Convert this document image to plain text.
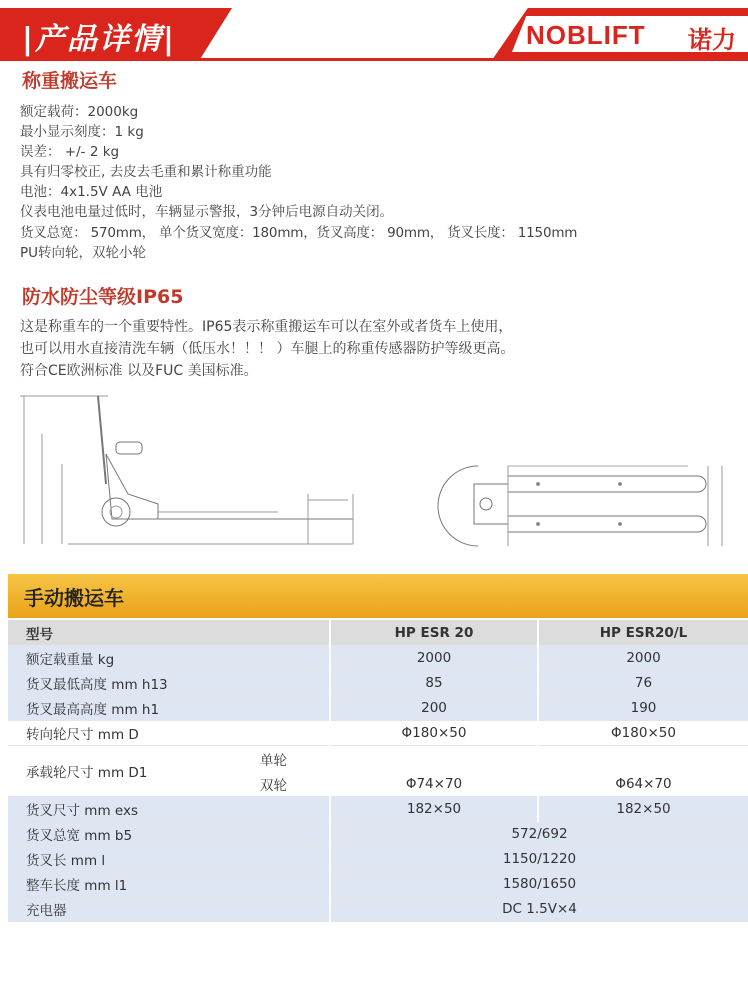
|产品详情|	NOBLIFT 诺力
称重搬运车
额定载荷：2000kg
最小显示刻度：1 kg
误差： +/- 2 kg
具有归零校正, 去皮去毛重和累计称重功能
电池：4x1.5V AA 电池
仪表电池电量过低时，车辆显示警报，3分钟后电源自动关闭。
货叉总宽： 570mm， 单个货叉宽度：180mm，货叉高度： 90mm， 货叉长度： 1150mm
PU转向轮，双轮小轮
防水防尘等级IP65
这是称重车的一个重要特性。IP65表示称重搬运车可以在室外或者货车上使用，
也可以用水直接清洗车辆（低压水！！！ ）车腿上的称重传感器防护等级更高。
符合CE欧洲标准 以及FUC 美国标准。
手动搬运车
型号	HP ESR 20	HP ESR20/L
额定载重量 kg	2000	2000
货叉最低高度 mm h13	85	76
货叉最高高度 mm h1	200	190
转向轮尺寸 mm D	Φ180×50	Φ180×50
承载轮尺寸 mm D1
单轮
双轮	Φ74×70	Φ64×70
货叉尺寸 mm exs	182×50	182×50
货叉总宽 mm b5	572/692	
货叉长 mm l	1150/1220	
整车长度 mm l1	1580/1650	
充电器	DC 1.5V×4	
